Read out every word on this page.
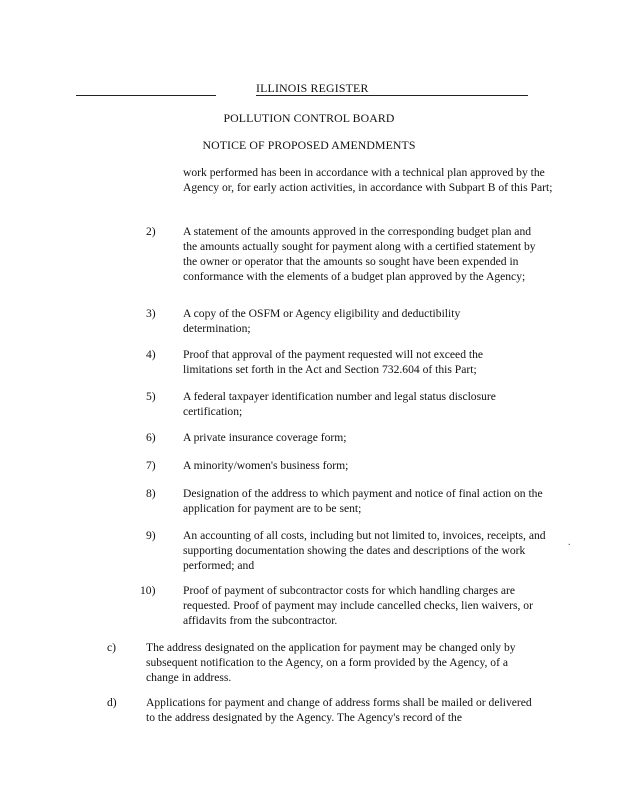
ILLINOIS REGISTER
POLLUTION CONTROL BOARD
NOTICE OF PROPOSED AMENDMENTS

work performed has been in accordance with a technical plan approved by the Agency or, for early action activities, in accordance with Subpart B of this Part;

2) A statement of the amounts approved in the corresponding budget plan and the amounts actually sought for payment along with a certified statement by the owner or operator that the amounts so sought have been expended in conformance with the elements of a budget plan approved by the Agency;

3) A copy of the OSFM or Agency eligibility and deductibility determination;

4) Proof that approval of the payment requested will not exceed the limitations set forth in the Act and Section 732.604 of this Part;

5) A federal taxpayer identification number and legal status disclosure certification;

6) A private insurance coverage form;

7) A minority/women's business form;

8) Designation of the address to which payment and notice of final action on the application for payment are to be sent;

9) An accounting of all costs, including but not limited to, invoices, receipts, and supporting documentation showing the dates and descriptions of the work performed; and

10) Proof of payment of subcontractor costs for which handling charges are requested. Proof of payment may include cancelled checks, lien waivers, or affidavits from the subcontractor.

c)	The address designated on the application for payment may be changed only by subsequent notification to the Agency, on a form provided by the Agency, of a change in address.

d)	Applications for payment and change of address forms shall be mailed or delivered to the address designated by the Agency. The Agency's record of the

.
